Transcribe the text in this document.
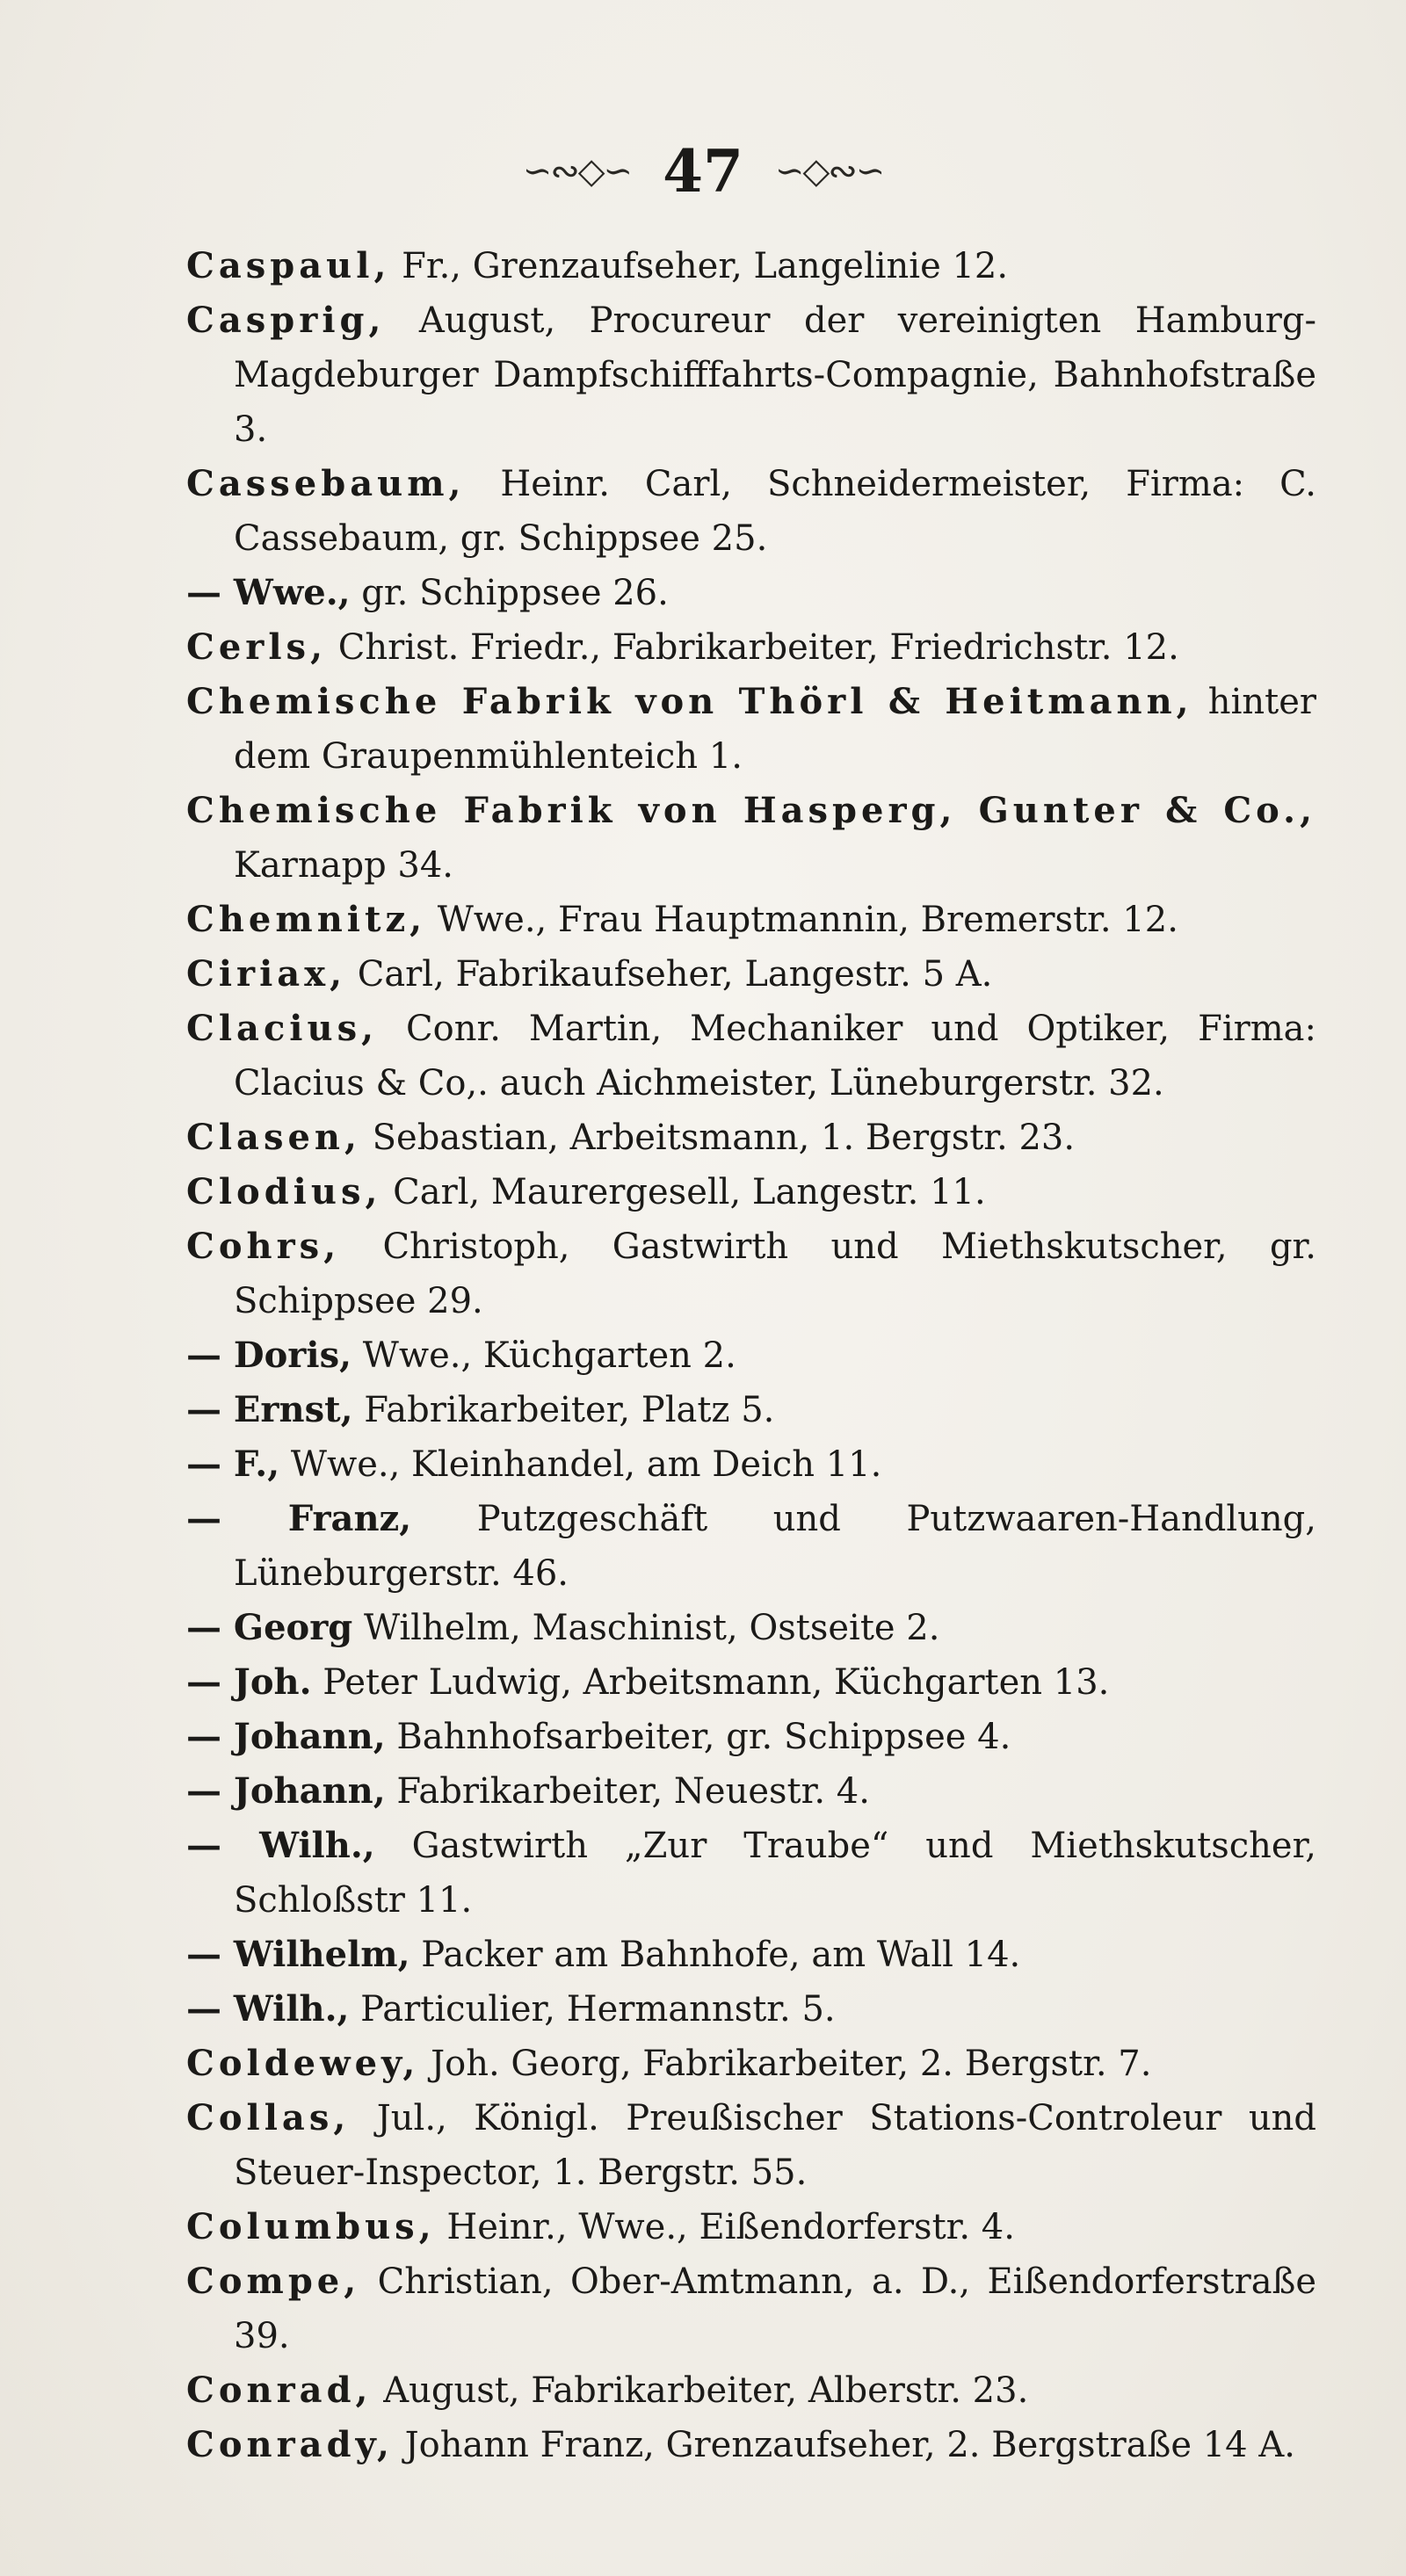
∽∾◇∽ 47 ∽◇∾∽
Caspaul, Fr., Grenzaufseher, Langelinie 12.
Casprig, August, Procureur der vereinigten Hamburg-Magdeburger Dampfschifffahrts-Compagnie, Bahnhofstraße 3.
Cassebaum, Heinr. Carl, Schneidermeister, Firma: C. Cassebaum, gr. Schippsee 25.
— Wwe., gr. Schippsee 26.
Cerls, Christ. Friedr., Fabrikarbeiter, Friedrichstr. 12.
Chemische Fabrik von Thörl & Heitmann, hinter dem Graupenmühlenteich 1.
Chemische Fabrik von Hasperg, Gunter & Co., Karnapp 34.
Chemnitz, Wwe., Frau Hauptmannin, Bremerstr. 12.
Ciriax, Carl, Fabrikaufseher, Langestr. 5 A.
Clacius, Conr. Martin, Mechaniker und Optiker, Firma: Clacius & Co,. auch Aichmeister, Lüneburgerstr. 32.
Clasen, Sebastian, Arbeitsmann, 1. Bergstr. 23.
Clodius, Carl, Maurergesell, Langestr. 11.
Cohrs, Christoph, Gastwirth und Miethskutscher, gr. Schippsee 29.
— Doris, Wwe., Küchgarten 2.
— Ernst, Fabrikarbeiter, Platz 5.
— F., Wwe., Kleinhandel, am Deich 11.
— Franz, Putzgeschäft und Putzwaaren-Handlung, Lüneburgerstr. 46.
— Georg Wilhelm, Maschinist, Ostseite 2.
— Joh. Peter Ludwig, Arbeitsmann, Küchgarten 13.
— Johann, Bahnhofsarbeiter, gr. Schippsee 4.
— Johann, Fabrikarbeiter, Neuestr. 4.
— Wilh., Gastwirth „Zur Traube“ und Miethskutscher, Schloßstr 11.
— Wilhelm, Packer am Bahnhofe, am Wall 14.
— Wilh., Particulier, Hermannstr. 5.
Coldewey, Joh. Georg, Fabrikarbeiter, 2. Bergstr. 7.
Collas, Jul., Königl. Preußischer Stations-Controleur und Steuer-Inspector, 1. Bergstr. 55.
Columbus, Heinr., Wwe., Eißendorferstr. 4.
Compe, Christian, Ober-Amtmann, a. D., Eißendorferstraße 39.
Conrad, August, Fabrikarbeiter, Alberstr. 23.
Conrady, Johann Franz, Grenzaufseher, 2. Bergstraße 14 A.
